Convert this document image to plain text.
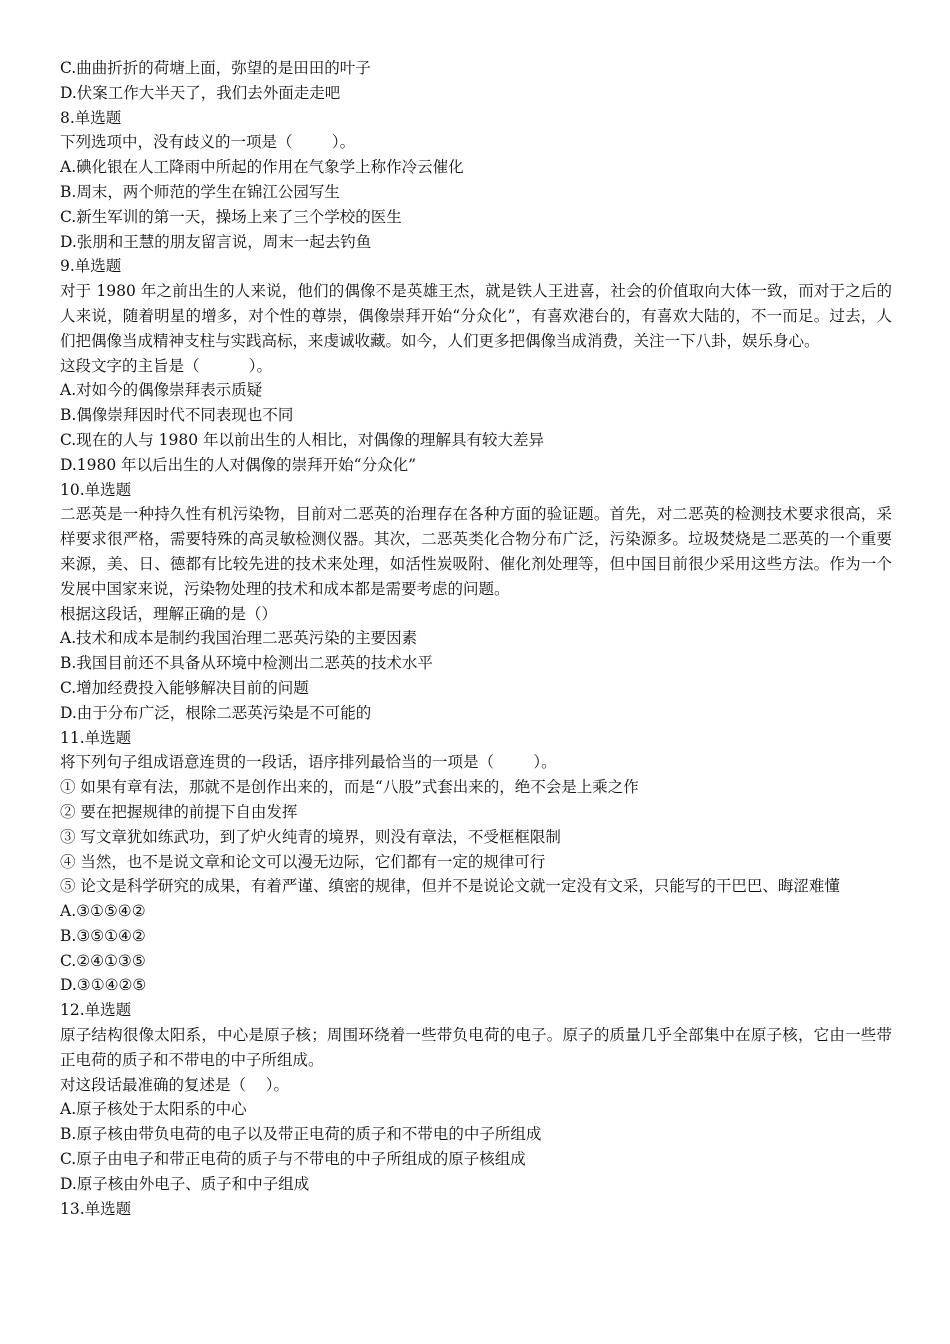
C.曲曲折折的荷塘上面，弥望的是田田的叶子
D.伏案工作大半天了，我们去外面走走吧
8.单选题
下列选项中，没有歧义的一项是（        ）。
A.碘化银在人工降雨中所起的作用在气象学上称作冷云催化
B.周末，两个师范的学生在锦江公园写生
C.新生军训的第一天，操场上来了三个学校的医生
D.张朋和王慧的朋友留言说，周末一起去钓鱼
9.单选题
对于 1980 年之前出生的人来说，他们的偶像不是英雄王杰，就是铁人王进喜，社会的价值取向大体一致，而对于之后的人来说，随着明星的增多，对个性的尊崇，偶像崇拜开始“分众化”，有喜欢港台的，有喜欢大陆的，不一而足。过去，人们把偶像当成精神支柱与实践高标，来虔诚收藏。如今，人们更多把偶像当成消费，关注一下八卦，娱乐身心。
这段文字的主旨是（          ）。
A.对如今的偶像崇拜表示质疑
B.偶像崇拜因时代不同表现也不同
C.现在的人与 1980 年以前出生的人相比，对偶像的理解具有较大差异
D.1980 年以后出生的人对偶像的崇拜开始“分众化”
10.单选题
二恶英是一种持久性有机污染物，目前对二恶英的治理存在各种方面的验证题。首先，对二恶英的检测技术要求很高，采样要求很严格，需要特殊的高灵敏检测仪器。其次，二恶英类化合物分布广泛，污染源多。垃圾焚烧是二恶英的一个重要来源，美、日、德都有比较先进的技术来处理，如活性炭吸附、催化剂处理等，但中国目前很少采用这些方法。作为一个发展中国家来说，污染物处理的技术和成本都是需要考虑的问题。
根据这段话，理解正确的是（）
A.技术和成本是制约我国治理二恶英污染的主要因素
B.我国目前还不具备从环境中检测出二恶英的技术水平
C.增加经费投入能够解决目前的问题
D.由于分布广泛，根除二恶英污染是不可能的
11.单选题
将下列句子组成语意连贯的一段话，语序排列最恰当的一项是（        ）。
① 如果有章有法，那就不是创作出来的，而是“八股”式套出来的，绝不会是上乘之作
② 要在把握规律的前提下自由发挥
③ 写文章犹如练武功，到了炉火纯青的境界，则没有章法，不受框框限制
④ 当然，也不是说文章和论文可以漫无边际，它们都有一定的规律可行
⑤ 论文是科学研究的成果，有着严谨、缜密的规律，但并不是说论文就一定没有文采，只能写的干巴巴、晦涩难懂
A.③①⑤④②
B.③⑤①④②
C.②④①③⑤
D.③①④②⑤
12.单选题
原子结构很像太阳系，中心是原子核；周围环绕着一些带负电荷的电子。原子的质量几乎全部集中在原子核，它由一些带正电荷的质子和不带电的中子所组成。
对这段话最准确的复述是（    ）。
A.原子核处于太阳系的中心
B.原子核由带负电荷的电子以及带正电荷的质子和不带电的中子所组成
C.原子由电子和带正电荷的质子与不带电的中子所组成的原子核组成
D.原子核由外电子、质子和中子组成
13.单选题
